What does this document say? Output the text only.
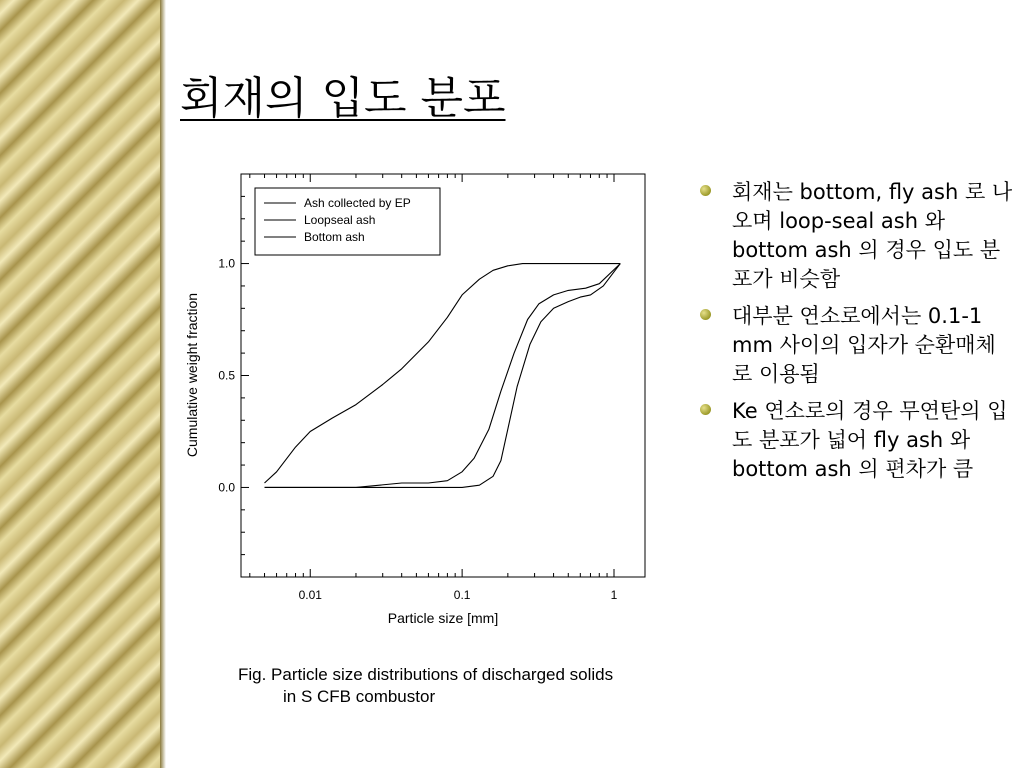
회재의 입도 분포
0.01	0.1	1
0.0
0.5
1.0
Ash collected by EP
Loopseal ash
Bottom ash
Particle size [mm]
Cumulative weight fraction
회재는 bottom, fly ash 로 나오며 loop-seal ash 와 bottom ash 의 경우 입도 분포가 비슷함
대부분 연소로에서는 0.1-1 mm 사이의 입자가 순환매체로 이용됨
Ke 연소로의 경우 무연탄의 입도 분포가 넓어 fly ash 와 bottom ash 의 편차가 큼
Fig. Particle size distributions of discharged solids
in S CFB combustor
